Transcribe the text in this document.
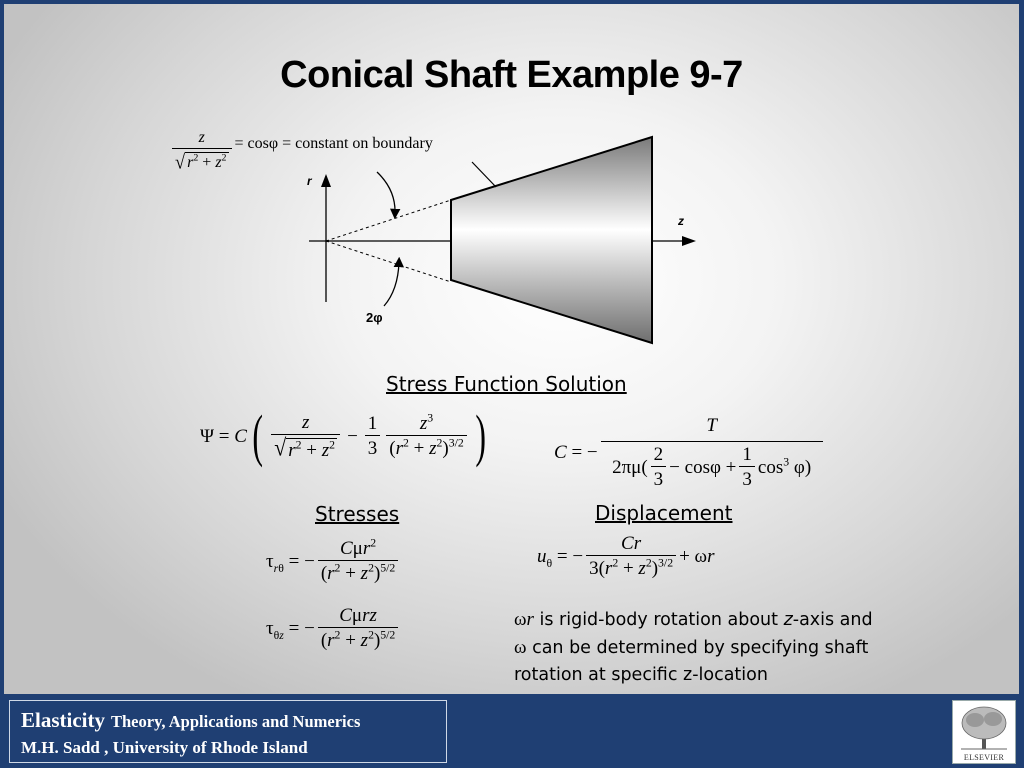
Conical Shaft Example 9-7
$\frac{z}{√ r^2 + z^2} = \cos\varphi$ = constant on boundary
r
z
2φ
Stress Function Solution
Ψ = C ( $\frac{z}{√ r^2 + z^2} - \frac{1}{3} \frac{z^3}{(r^2 + z^2)^{3/2}}$ )	C = − $\frac{T}{2\pi\mu( \frac{2}{3} - \cos\varphi + \frac{1}{3} \cos^3 \varphi)}$
Stresses
$\tau_{r\theta}$ = − $\frac{C\mu r^2}{(r^2 + z^2)^{5/2}}$
$\tau_{\theta z}$ = − $\frac{\text{Cμrz}}{(r^2 + z^2)^{5/2}}$
Displacement
$u_\theta$ = − $\frac{Cr}{3(r^2 + z^2)^{3/2}} + \omega r$
ωr is rigid-body rotation about z-axis and
ω can be determined by specifying shaft
rotation at specific z-location
Elasticity Theory, Applications and Numerics
M.H. Sadd , University of Rhode Island
ELSEVIER
